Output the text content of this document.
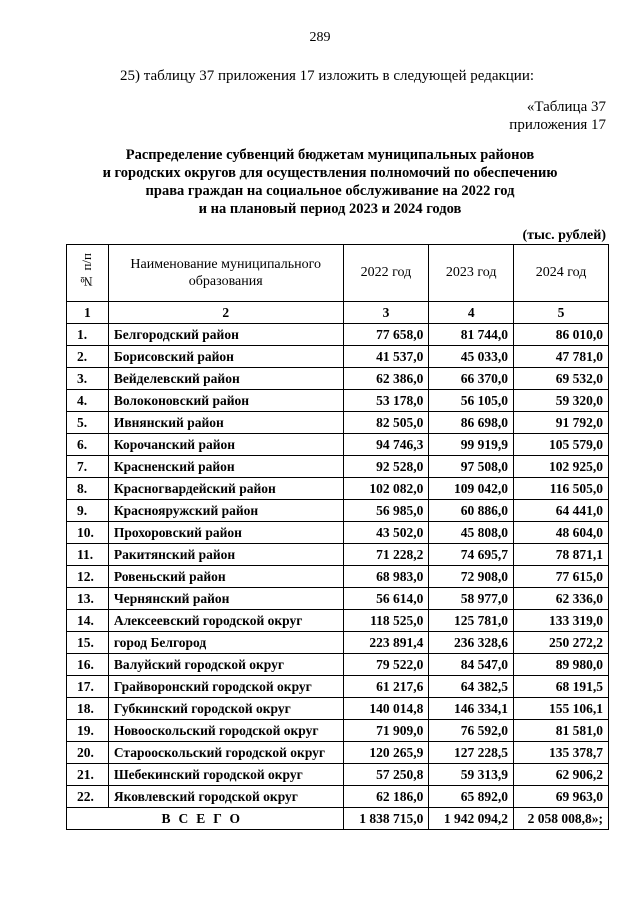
289
25) таблицу 37 приложения 17 изложить в следующей редакции:
«Таблица 37
приложения 17
Распределение субвенций бюджетам муниципальных районов
и городских округов для осуществления полномочий по обеспечению
права граждан на социальное обслуживание на 2022 год
и на плановый период 2023 и 2024 годов
(тыс. рублей)
№ п/п	Наименование муниципального образования	2022 год	2023 год	2024 год
1	2	3	4	5
1.	Белгородский район	77 658,0	81 744,0	86 010,0
2.	Борисовский район	41 537,0	45 033,0	47 781,0
3.	Вейделевский район	62 386,0	66 370,0	69 532,0
4.	Волоконовский район	53 178,0	56 105,0	59 320,0
5.	Ивнянский район	82 505,0	86 698,0	91 792,0
6.	Корочанский район	94 746,3	99 919,9	105 579,0
7.	Красненский район	92 528,0	97 508,0	102 925,0
8.	Красногвардейский район	102 082,0	109 042,0	116 505,0
9.	Краснояружский район	56 985,0	60 886,0	64 441,0
10.	Прохоровский район	43 502,0	45 808,0	48 604,0
11.	Ракитянский район	71 228,2	74 695,7	78 871,1
12.	Ровеньский район	68 983,0	72 908,0	77 615,0
13.	Чернянский район	56 614,0	58 977,0	62 336,0
14.	Алексеевский городской округ	118 525,0	125 781,0	133 319,0
15.	город Белгород	223 891,4	236 328,6	250 272,2
16.	Валуйский городской округ	79 522,0	84 547,0	89 980,0
17.	Грайворонский городской округ	61 217,6	64 382,5	68 191,5
18.	Губкинский городской округ	140 014,8	146 334,1	155 106,1
19.	Новооскольский городской округ	71 909,0	76 592,0	81 581,0
20.	Старооскольский городской округ	120 265,9	127 228,5	135 378,7
21.	Шебекинский городской округ	57 250,8	59 313,9	62 906,2
22.	Яковлевский городской округ	62 186,0	65 892,0	69 963,0
ВСЕГО		1 838 715,0	1 942 094,2	2 058 008,8»;
